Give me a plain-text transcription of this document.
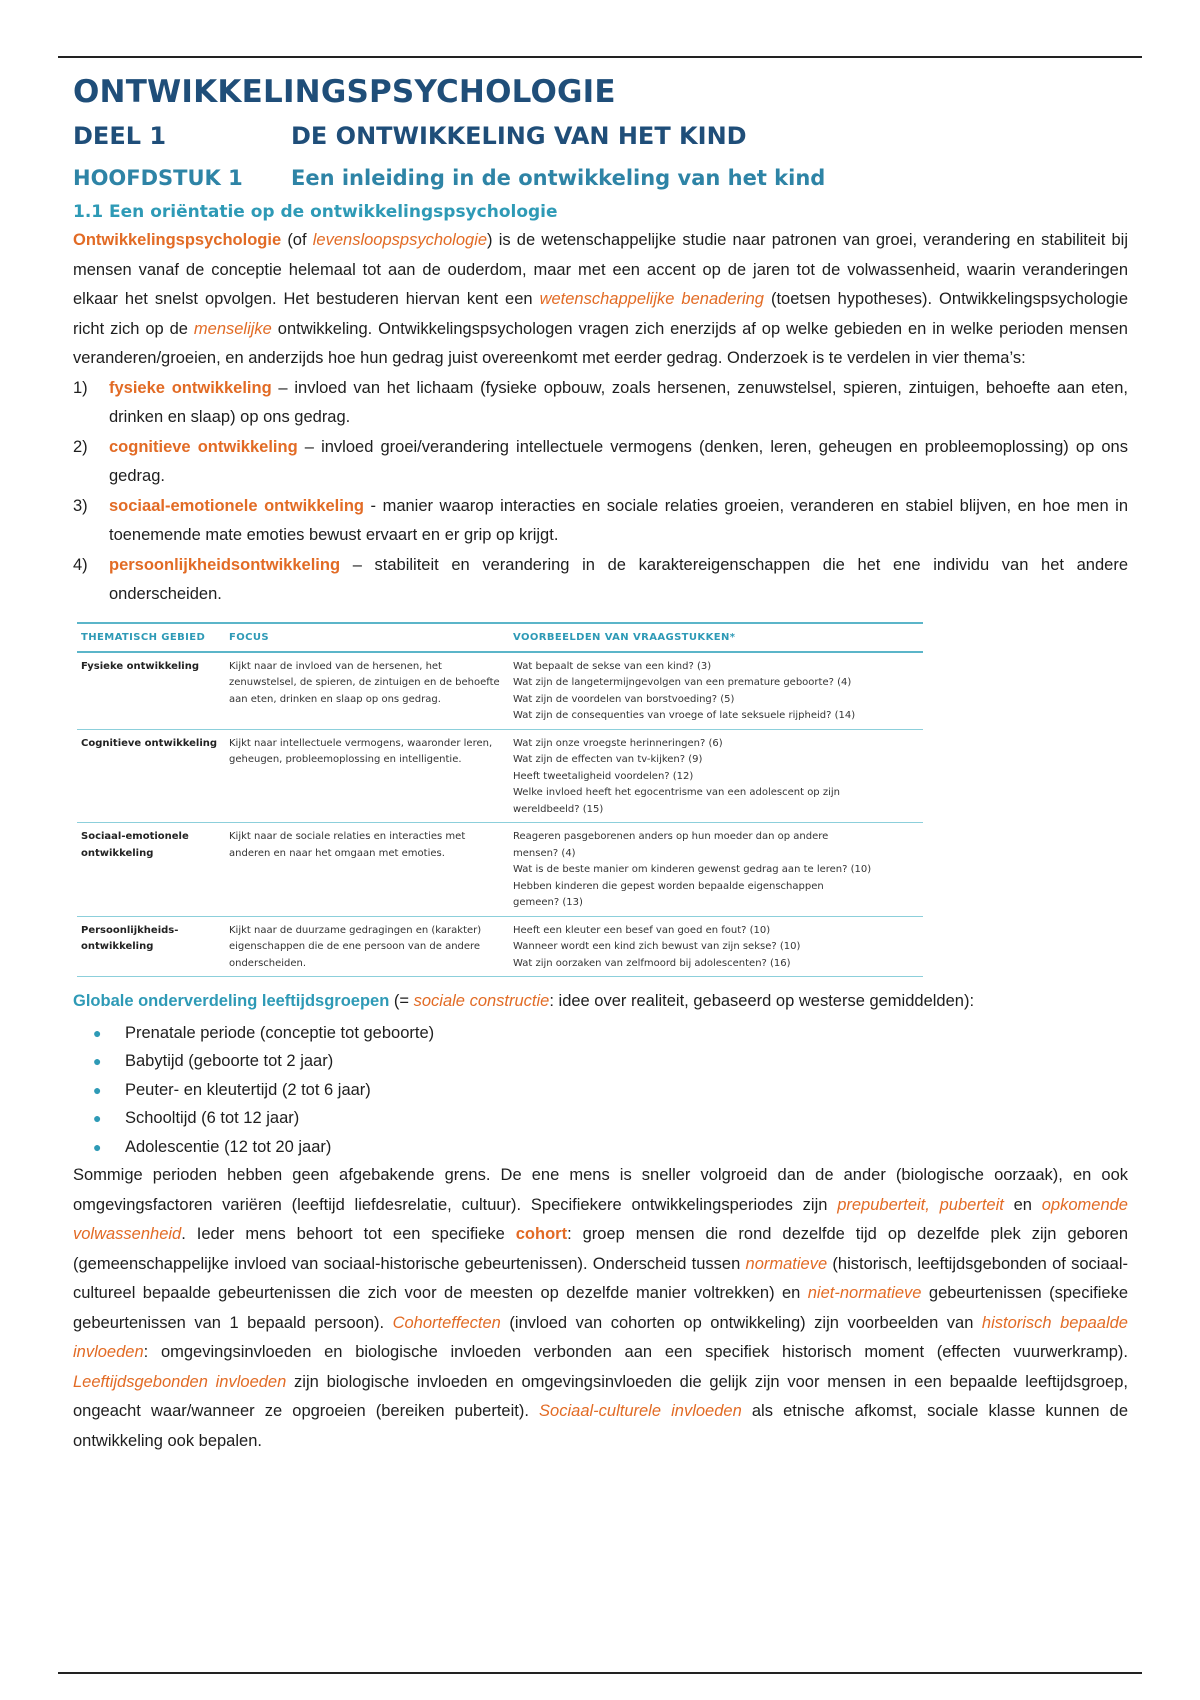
ONTWIKKELINGSPSYCHOLOGIE
DEEL 1	DE ONTWIKKELING VAN HET KIND
HOOFDSTUK 1	Een inleiding in de ontwikkeling van het kind
1.1 Een oriëntatie op de ontwikkelingspsychologie

Ontwikkelingspsychologie (of levensloopspsychologie) is de wetenschappelijke studie naar patronen van groei, verandering en stabiliteit bij mensen vanaf de conceptie helemaal tot aan de ouderdom, maar met een accent op de jaren tot de volwassenheid, waarin veranderingen elkaar het snelst opvolgen. Het bestuderen hiervan kent een wetenschappelijke benadering (toetsen hypotheses). Ontwikkelingspsychologie richt zich op de menselijke ontwikkeling. Ontwikkelingspsychologen vragen zich enerzijds af op welke gebieden en in welke perioden mensen veranderen/groeien, en anderzijds hoe hun gedrag juist overeenkomt met eerder gedrag. Onderzoek is te verdelen in vier thema’s:

1)	fysieke ontwikkeling – invloed van het lichaam (fysieke opbouw, zoals hersenen, zenuwstelsel, spieren, zintuigen, behoefte aan eten, drinken en slaap) op ons gedrag.
2)	cognitieve ontwikkeling – invloed groei/verandering intellectuele vermogens (denken, leren, geheugen en probleemoplossing) op ons gedrag.
3)	sociaal-emotionele ontwikkeling - manier waarop interacties en sociale relaties groeien, veranderen en stabiel blijven, en hoe men in toenemende mate emoties bewust ervaart en er grip op krijgt.
4)	persoonlijkheidsontwikkeling – stabiliteit en verandering in de karaktereigenschappen die het ene individu van het andere onderscheiden.
THEMATISCH GEBIED	FOCUS	VOORBEELDEN VAN VRAAGSTUKKEN*
Fysieke ontwikkeling	Kijkt naar de invloed van de hersenen, het zenuwstelsel, de spieren, de zintuigen en de behoefte aan eten, drinken en slaap op ons gedrag.	Wat bepaalt de sekse van een kind? (3)
Wat zijn de langetermijngevolgen van een premature geboorte? (4)
Wat zijn de voordelen van borstvoeding? (5)
Wat zijn de consequenties van vroege of late seksuele rijpheid? (14)

Cognitieve ontwikkeling	Kijkt naar intellectuele vermogens, waaronder leren, geheugen, probleemoplossing en intelligentie.	Wat zijn onze vroegste herinneringen? (6)
Wat zijn de effecten van tv-kijken? (9)
Heeft tweetaligheid voordelen? (12)
Welke invloed heeft het egocentrisme van een adolescent op zijn
wereldbeeld? (15)

Sociaal-emotionele ontwikkeling	Kijkt naar de sociale relaties en interacties met anderen en naar het omgaan met emoties.	Reageren pasgeborenen anders op hun moeder dan op andere
mensen? (4)
Wat is de beste manier om kinderen gewenst gedrag aan te leren? (10)
Hebben kinderen die gepest worden bepaalde eigenschappen
gemeen? (13)

Persoonlijkheids-ontwikkeling	Kijkt naar de duurzame gedragingen en (karakter) eigenschappen die de ene persoon van de andere onderscheiden.	Heeft een kleuter een besef van goed en fout? (10)
Wanneer wordt een kind zich bewust van zijn sekse? (10)
Wat zijn oorzaken van zelfmoord bij adolescenten? (16)

Globale onderverdeling leeftijdsgroepen (= sociale constructie: idee over realiteit, gebaseerd op westerse gemiddelden):

●	Prenatale periode (conceptie tot geboorte)
●	Babytijd (geboorte tot 2 jaar)
●	Peuter- en kleutertijd (2 tot 6 jaar)
●	Schooltijd (6 tot 12 jaar)
●	Adolescentie (12 tot 20 jaar)

Sommige perioden hebben geen afgebakende grens. De ene mens is sneller volgroeid dan de ander (biologische oorzaak), en ook omgevingsfactoren variëren (leeftijd liefdesrelatie, cultuur). Specifiekere ontwikkelingsperiodes zijn prepuberteit, puberteit en opkomende volwassenheid. Ieder mens behoort tot een specifieke cohort: groep mensen die rond dezelfde tijd op dezelfde plek zijn geboren (gemeenschappelijke invloed van sociaal-historische gebeurtenissen). Onderscheid tussen normatieve (historisch, leeftijdsgebonden of sociaal-cultureel bepaalde gebeurtenissen die zich voor de meesten op dezelfde manier voltrekken) en niet-normatieve gebeurtenissen (specifieke gebeurtenissen van 1 bepaald persoon). Cohorteffecten (invloed van cohorten op ontwikkeling) zijn voorbeelden van historisch bepaalde invloeden: omgevingsinvloeden en biologische invloeden verbonden aan een specifiek historisch moment (effecten vuurwerkramp). Leeftijdsgebonden invloeden zijn biologische invloeden en omgevingsinvloeden die gelijk zijn voor mensen in een bepaalde leeftijdsgroep, ongeacht waar/wanneer ze opgroeien (bereiken puberteit). Sociaal-culturele invloeden als etnische afkomst, sociale klasse kunnen de ontwikkeling ook bepalen.
